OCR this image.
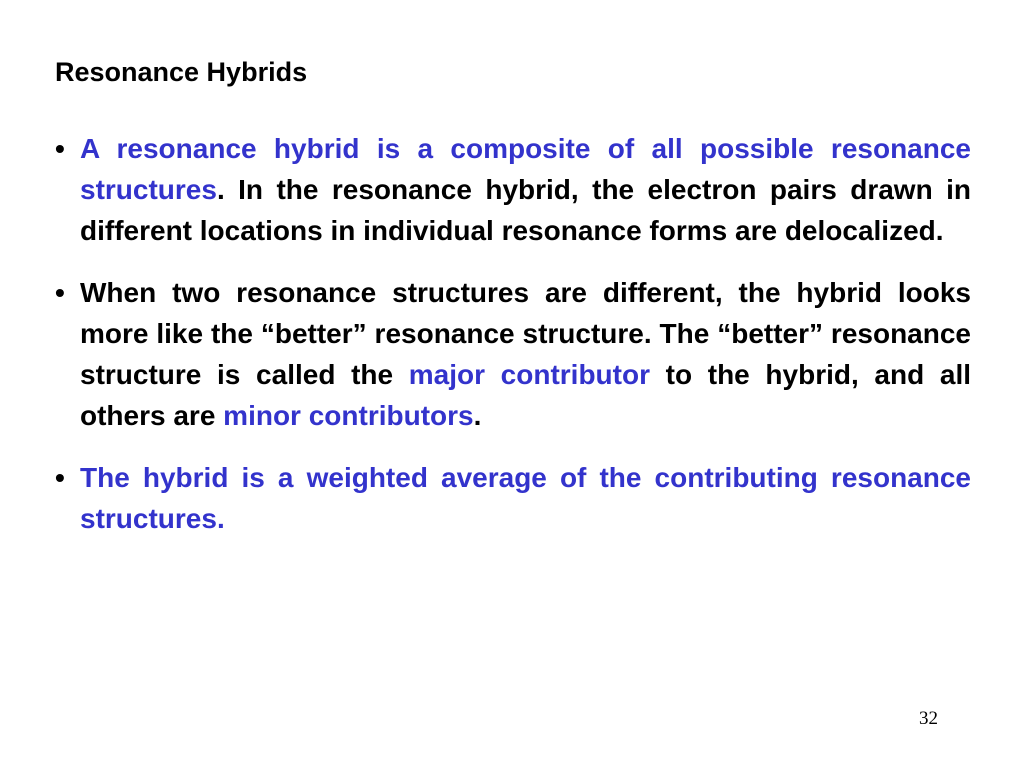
Resonance Hybrids
• A resonance hybrid is a composite of all possible resonance structures. In the resonance hybrid, the electron pairs drawn in different locations in individual resonance forms are delocalized.
• When two resonance structures are different, the hybrid looks more like the “better” resonance structure. The “better” resonance structure is called the major contributor to the hybrid, and all others are minor contributors.
• The hybrid is a weighted average of the contributing resonance structures.
32
